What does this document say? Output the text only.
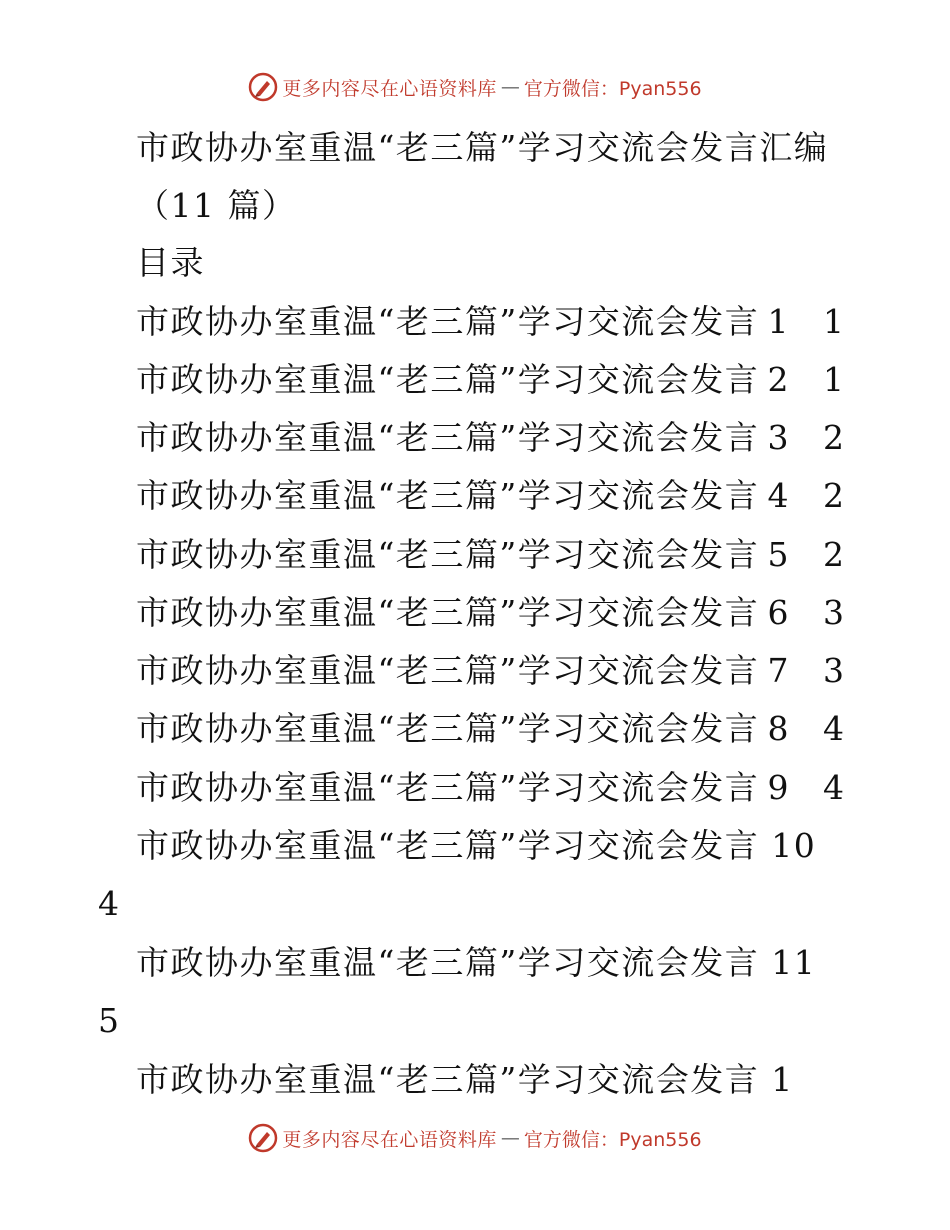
更多内容尽在心语资料库 — 官方微信：Pyan556
市政协办室重温“老三篇”学习交流会发言汇编
（11 篇）
目录
市政协办室重温“老三篇”学习交流会发言 1 1
市政协办室重温“老三篇”学习交流会发言 2 1
市政协办室重温“老三篇”学习交流会发言 3 2
市政协办室重温“老三篇”学习交流会发言 4 2
市政协办室重温“老三篇”学习交流会发言 5 2
市政协办室重温“老三篇”学习交流会发言 6 3
市政协办室重温“老三篇”学习交流会发言 7 3
市政协办室重温“老三篇”学习交流会发言 8 4
市政协办室重温“老三篇”学习交流会发言 9 4
市政协办室重温“老三篇”学习交流会发言 10
4
市政协办室重温“老三篇”学习交流会发言 11
5
市政协办室重温“老三篇”学习交流会发言 1
更多内容尽在心语资料库 — 官方微信：Pyan556
